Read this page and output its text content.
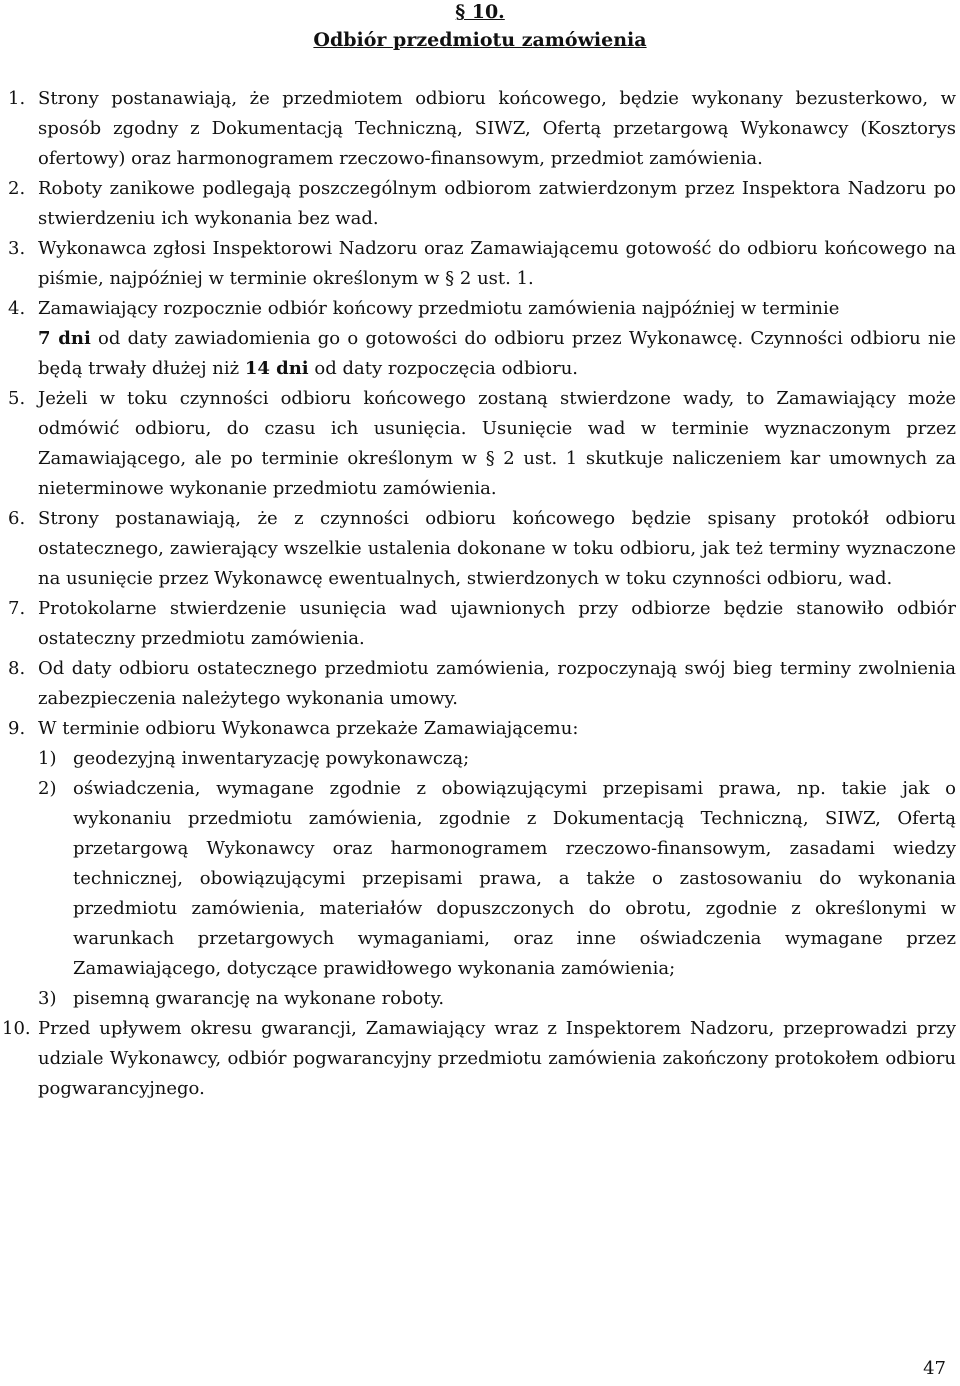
§ 10.
Odbiór przedmiotu zamówienia
1. Strony postanawiają, że przedmiotem odbioru końcowego, będzie wykonany bezusterkowo, w sposób zgodny z Dokumentacją Techniczną, SIWZ, Ofertą przetargową Wykonawcy (Kosztorys ofertowy) oraz harmonogramem rzeczowo-finansowym, przedmiot zamówienia.
2. Roboty zanikowe podlegają poszczególnym odbiorom zatwierdzonym przez Inspektora Nadzoru po stwierdzeniu ich wykonania bez wad.
3. Wykonawca zgłosi Inspektorowi Nadzoru oraz Zamawiającemu gotowość do odbioru końcowego na piśmie, najpóźniej w terminie określonym w § 2 ust. 1.
4. Zamawiający rozpocznie odbiór końcowy przedmiotu zamówienia najpóźniej w terminie
7 dni od daty zawiadomienia go o gotowości do odbioru przez Wykonawcę. Czynności odbioru nie będą trwały dłużej niż 14 dni od daty rozpoczęcia odbioru.
5. Jeżeli w toku czynności odbioru końcowego zostaną stwierdzone wady, to Zamawiający może odmówić odbioru, do czasu ich usunięcia. Usunięcie wad w terminie wyznaczonym przez Zamawiającego, ale po terminie określonym w § 2 ust. 1 skutkuje naliczeniem kar umownych za nieterminowe wykonanie przedmiotu zamówienia.
6. Strony postanawiają, że z czynności odbioru końcowego będzie spisany protokół odbioru ostatecznego, zawierający wszelkie ustalenia dokonane w toku odbioru, jak też terminy wyznaczone na usunięcie przez Wykonawcę ewentualnych, stwierdzonych w toku czynności odbioru, wad.
7. Protokolarne stwierdzenie usunięcia wad ujawnionych przy odbiorze będzie stanowiło odbiór ostateczny przedmiotu zamówienia.
8. Od daty odbioru ostatecznego przedmiotu zamówienia, rozpoczynają swój bieg terminy zwolnienia zabezpieczenia należytego wykonania umowy.
9. W terminie odbioru Wykonawca przekaże Zamawiającemu:
1) geodezyjną inwentaryzację powykonawczą;
2) oświadczenia, wymagane zgodnie z obowiązującymi przepisami prawa, np. takie jak o wykonaniu przedmiotu zamówienia, zgodnie z Dokumentacją Techniczną, SIWZ, Ofertą przetargową Wykonawcy oraz harmonogramem rzeczowo-finansowym, zasadami wiedzy technicznej, obowiązującymi przepisami prawa, a także o zastosowaniu do wykonania przedmiotu zamówienia, materiałów dopuszczonych do obrotu, zgodnie z określonymi w warunkach przetargowych wymaganiami, oraz inne oświadczenia wymagane przez Zamawiającego, dotyczące prawidłowego wykonania zamówienia;
3) pisemną gwarancję na wykonane roboty.
10. Przed upływem okresu gwarancji, Zamawiający wraz z Inspektorem Nadzoru, przeprowadzi przy udziale Wykonawcy, odbiór pogwarancyjny przedmiotu zamówienia zakończony protokołem odbioru pogwarancyjnego.
47
